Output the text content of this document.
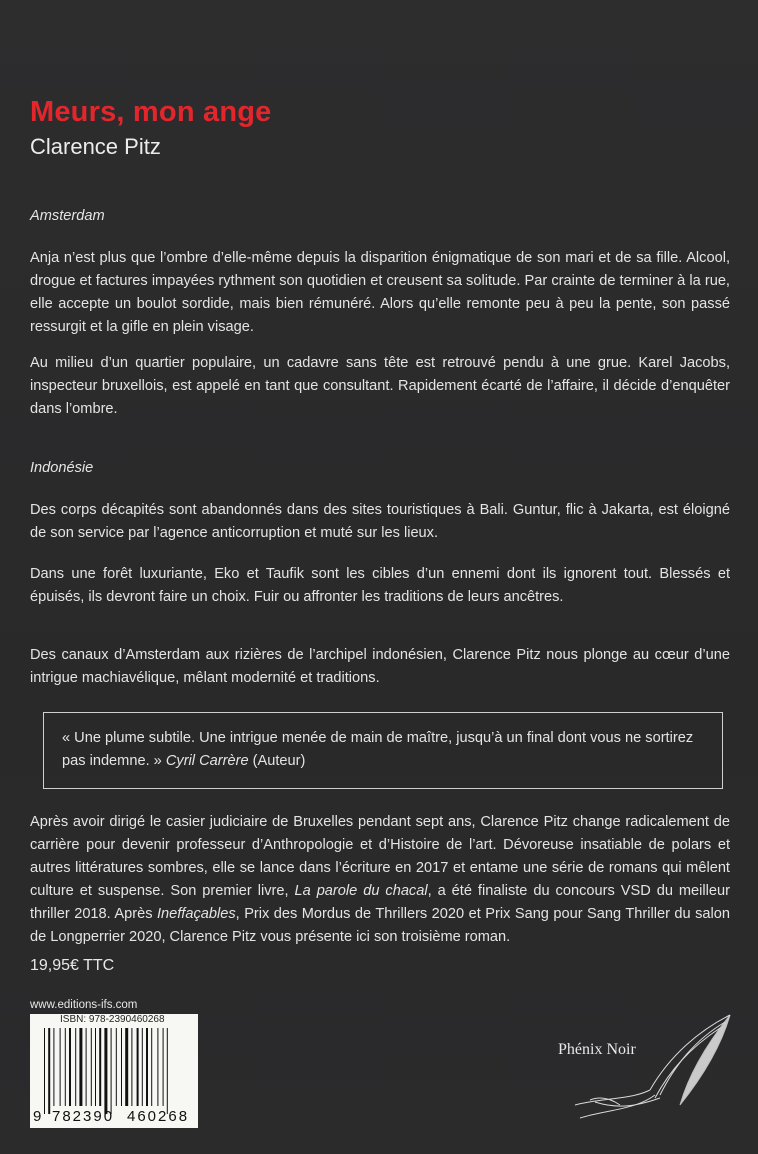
Meurs, mon ange
Clarence Pitz

Amsterdam

Anja n’est plus que l’ombre d’elle-même depuis la disparition énigmatique de son mari et de sa fille. Alcool, drogue et factures impayées rythment son quotidien et creusent sa solitude. Par crainte de terminer à la rue, elle accepte un boulot sordide, mais bien rémunéré. Alors qu’elle remonte peu à peu la pente, son passé ressurgit et la gifle en plein visage.

Au milieu d’un quartier populaire, un cadavre sans tête est retrouvé pendu à une grue. Karel Jacobs, inspecteur bruxellois, est appelé en tant que consultant. Rapidement écarté de l’affaire, il décide d’enquêter dans l’ombre.

Indonésie

Des corps décapités sont abandonnés dans des sites touristiques à Bali. Guntur, flic à Jakarta, est éloigné de son service par l’agence anticorruption et muté sur les lieux.

Dans une forêt luxuriante, Eko et Taufik sont les cibles d’un ennemi dont ils ignorent tout. Blessés et épuisés, ils devront faire un choix. Fuir ou affronter les traditions de leurs ancêtres.

Des canaux d’Amsterdam aux rizières de l’archipel indonésien, Clarence Pitz nous plonge au cœur d’une intrigue machiavélique, mêlant modernité et traditions.

« Une plume subtile. Une intrigue menée de main de maître, jusqu’à un final dont vous ne sortirez pas indemne. » Cyril Carrère (Auteur)

Après avoir dirigé le casier judiciaire de Bruxelles pendant sept ans, Clarence Pitz change radicalement de carrière pour devenir professeur d’Anthropologie et d’Histoire de l’art. Dévoreuse insatiable de polars et autres littératures sombres, elle se lance dans l’écriture en 2017 et entame une série de romans qui mêlent culture et suspense. Son premier livre, La parole du chacal, a été finaliste du concours VSD du meilleur thriller 2018. Après Ineffaçables, Prix des Mordus de Thrillers 2020 et Prix Sang pour Sang Thriller du salon de Longperrier 2020, Clarence Pitz vous présente ici son troisième roman.

19,95€ TTC
www.editions-ifs.com
ISBN: 978-2390460268
9 782390 460268
Phénix Noir
